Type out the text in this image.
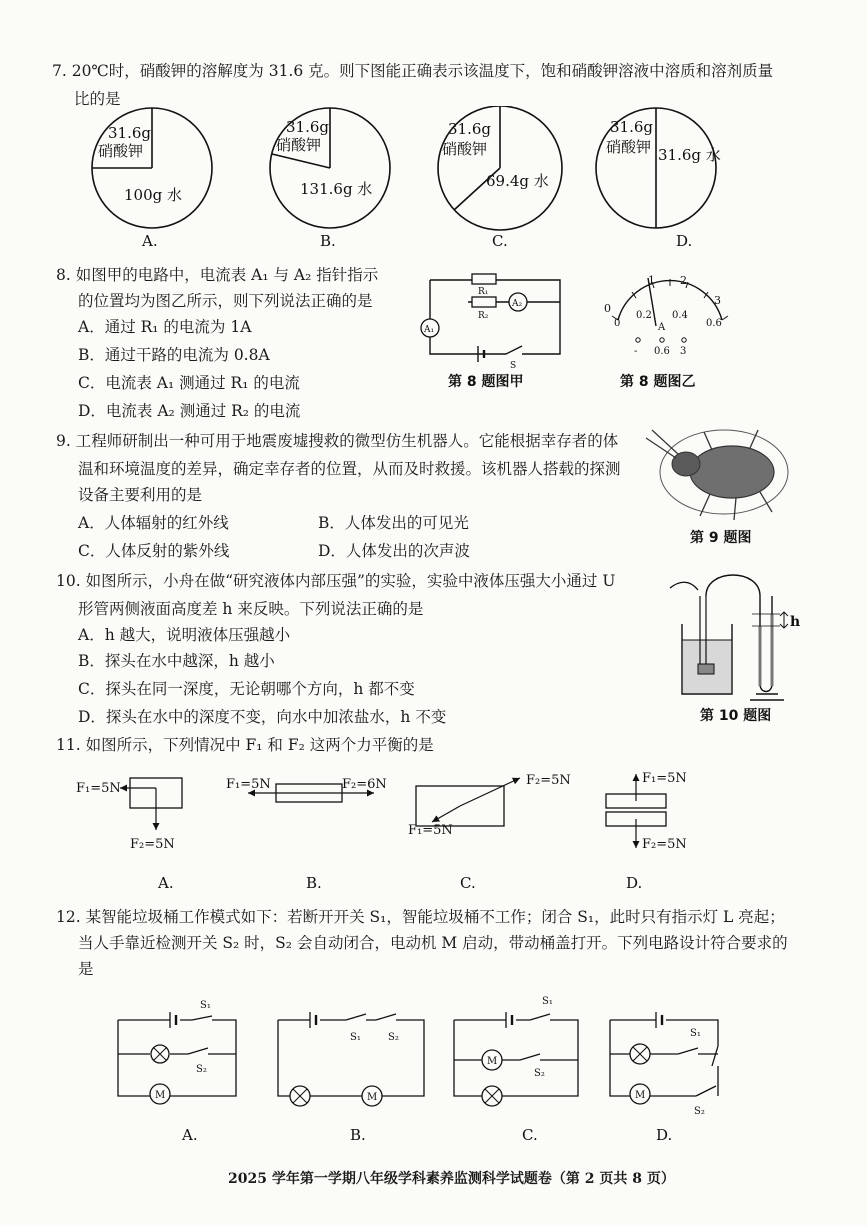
7. 20℃时，硝酸钾的溶解度为 31.6 克。则下图能正确表示该温度下，饱和硝酸钾溶液中溶质和溶剂质量
比的是
31.6g
硝酸钾
100g 水
A.
31.6g
硝酸钾
131.6g 水
B.
31.6g
硝酸钾
69.4g 水
C.
31.6g
硝酸钾 31.6g 水
D.
8. 如图甲的电路中，电流表 A₁ 与 A₂ 指针指示
的位置均为图乙所示，则下列说法正确的是
A．通过 R₁ 的电流为 1A
B．通过干路的电流为 0.8A
C．电流表 A₁ 测通过 R₁ 的电流
D．电流表 A₂ 测通过 R₂ 的电流
R₁
R₂
A₂
A₁
S
第 8 题图甲
0
1 2
3
0
0.2 0.4
0.6
A
- 0.6 3
第 8 题图乙
9. 工程师研制出一种可用于地震废墟搜救的微型仿生机器人。它能根据幸存者的体
温和环境温度的差异，确定幸存者的位置，从而及时救援。该机器人搭载的探测
设备主要利用的是
A．人体辐射的红外线	B．人体发出的可见光
C．人体反射的紫外线	D．人体发出的次声波
第 9 题图
10. 如图所示，小舟在做“研究液体内部压强”的实验，实验中液体压强大小通过 U
形管两侧液面高度差 h 来反映。下列说法正确的是
A．h 越大，说明液体压强越小
B．探头在水中越深，h 越小
C．探头在同一深度，无论朝哪个方向，h 都不变
D．探头在水中的深度不变，向水中加浓盐水，h 不变
h
第 10 题图
11. 如图所示，下列情况中 F₁ 和 F₂ 这两个力平衡的是
F₁=5N
F₂=5N
A.
F₁=5N	F₂=6N
B.
F₂=5N
F₁=5N
C.
F₁=5N
F₂=5N
D.
12. 某智能垃圾桶工作模式如下：若断开开关 S₁，智能垃圾桶不工作；闭合 S₁，此时只有指示灯 L 亮起；
当人手靠近检测开关 S₂ 时，S₂ 会自动闭合，电动机 M 启动，带动桶盖打开。下列电路设计符合要求的
是
M
S₁
S₂
A.
M
S₁	S₂
B.
M
S₁
S₂
C.
M
S₁
S₂
D.
2025 学年第一学期八年级学科素养监测科学试题卷（第 2 页共 8 页）
